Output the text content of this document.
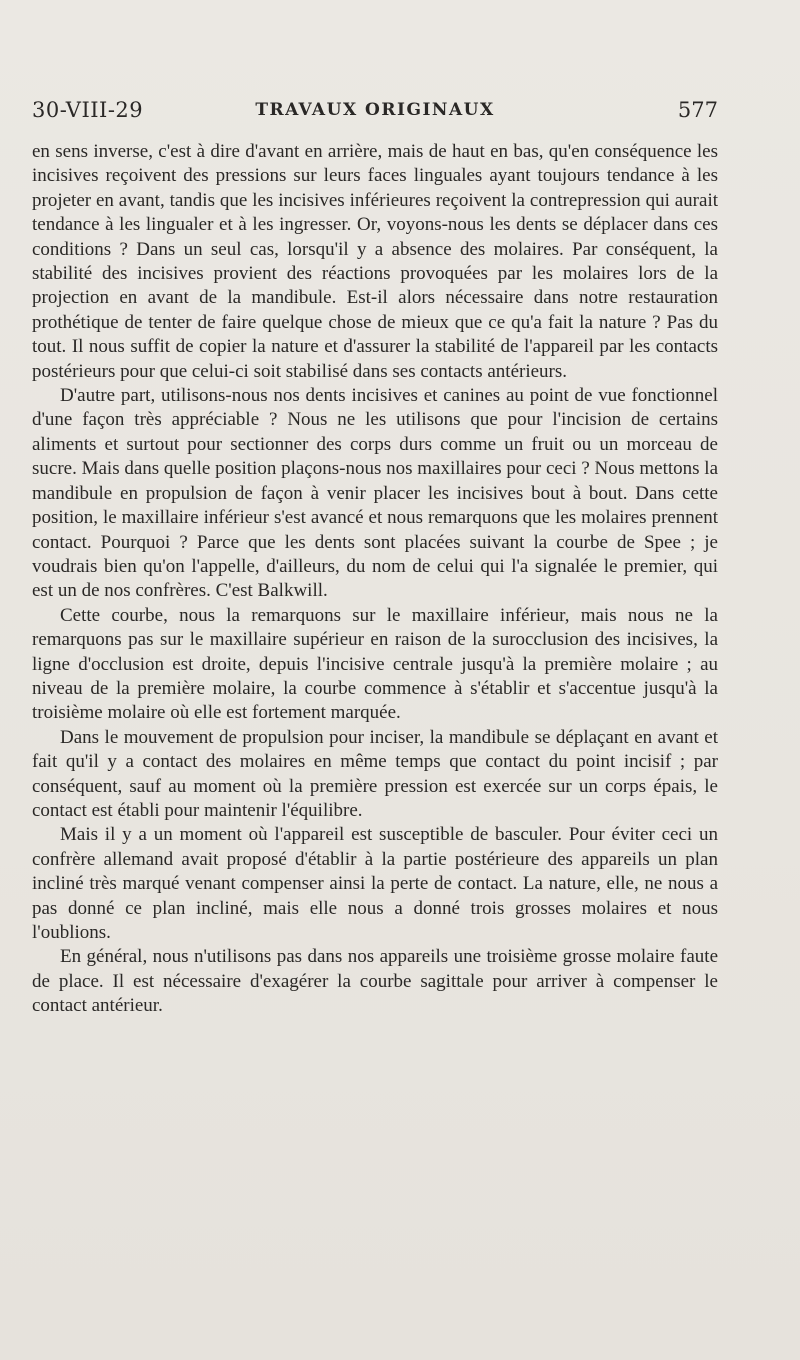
30-VIII-29	TRAVAUX ORIGINAUX	577

en sens inverse, c'est à dire d'avant en arrière, mais de haut en bas, qu'en conséquence les incisives reçoivent des pressions sur leurs faces linguales ayant toujours tendance à les projeter en avant, tandis que les incisives inférieures reçoivent la contrepression qui aurait tendance à les lingualer et à les ingresser. Or, voyons-nous les dents se déplacer dans ces conditions ? Dans un seul cas, lorsqu'il y a absence des molaires. Par conséquent, la stabilité des incisives provient des réactions provoquées par les molaires lors de la projection en avant de la mandibule. Est-il alors nécessaire dans notre restauration prothétique de tenter de faire quelque chose de mieux que ce qu'a fait la nature ? Pas du tout. Il nous suffit de copier la nature et d'assurer la stabilité de l'appareil par les contacts postérieurs pour que celui-ci soit stabilisé dans ses contacts antérieurs.

D'autre part, utilisons-nous nos dents incisives et canines au point de vue fonctionnel d'une façon très appréciable ? Nous ne les utilisons que pour l'incision de certains aliments et surtout pour sectionner des corps durs comme un fruit ou un morceau de sucre. Mais dans quelle position plaçons-nous nos maxillaires pour ceci ? Nous mettons la mandibule en propulsion de façon à venir placer les incisives bout à bout. Dans cette position, le maxillaire inférieur s'est avancé et nous remarquons que les molaires prennent contact. Pourquoi ? Parce que les dents sont placées suivant la courbe de Spee ; je voudrais bien qu'on l'appelle, d'ailleurs, du nom de celui qui l'a signalée le premier, qui est un de nos confrères. C'est Balkwill.

Cette courbe, nous la remarquons sur le maxillaire inférieur, mais nous ne la remarquons pas sur le maxillaire supérieur en raison de la surocclusion des incisives, la ligne d'occlusion est droite, depuis l'incisive centrale jusqu'à la première molaire ; au niveau de la première molaire, la courbe commence à s'établir et s'accentue jusqu'à la troisième molaire où elle est fortement marquée.

Dans le mouvement de propulsion pour inciser, la mandibule se déplaçant en avant et fait qu'il y a contact des molaires en même temps que contact du point incisif ; par conséquent, sauf au moment où la première pression est exercée sur un corps épais, le contact est établi pour maintenir l'équilibre.

Mais il y a un moment où l'appareil est susceptible de basculer. Pour éviter ceci un confrère allemand avait proposé d'établir à la partie postérieure des appareils un plan incliné très marqué venant compenser ainsi la perte de contact. La nature, elle, ne nous a pas donné ce plan incliné, mais elle nous a donné trois grosses molaires et nous l'oublions.

En général, nous n'utilisons pas dans nos appareils une troisième grosse molaire faute de place. Il est nécessaire d'exagérer la courbe sagittale pour arriver à compenser le contact antérieur.
